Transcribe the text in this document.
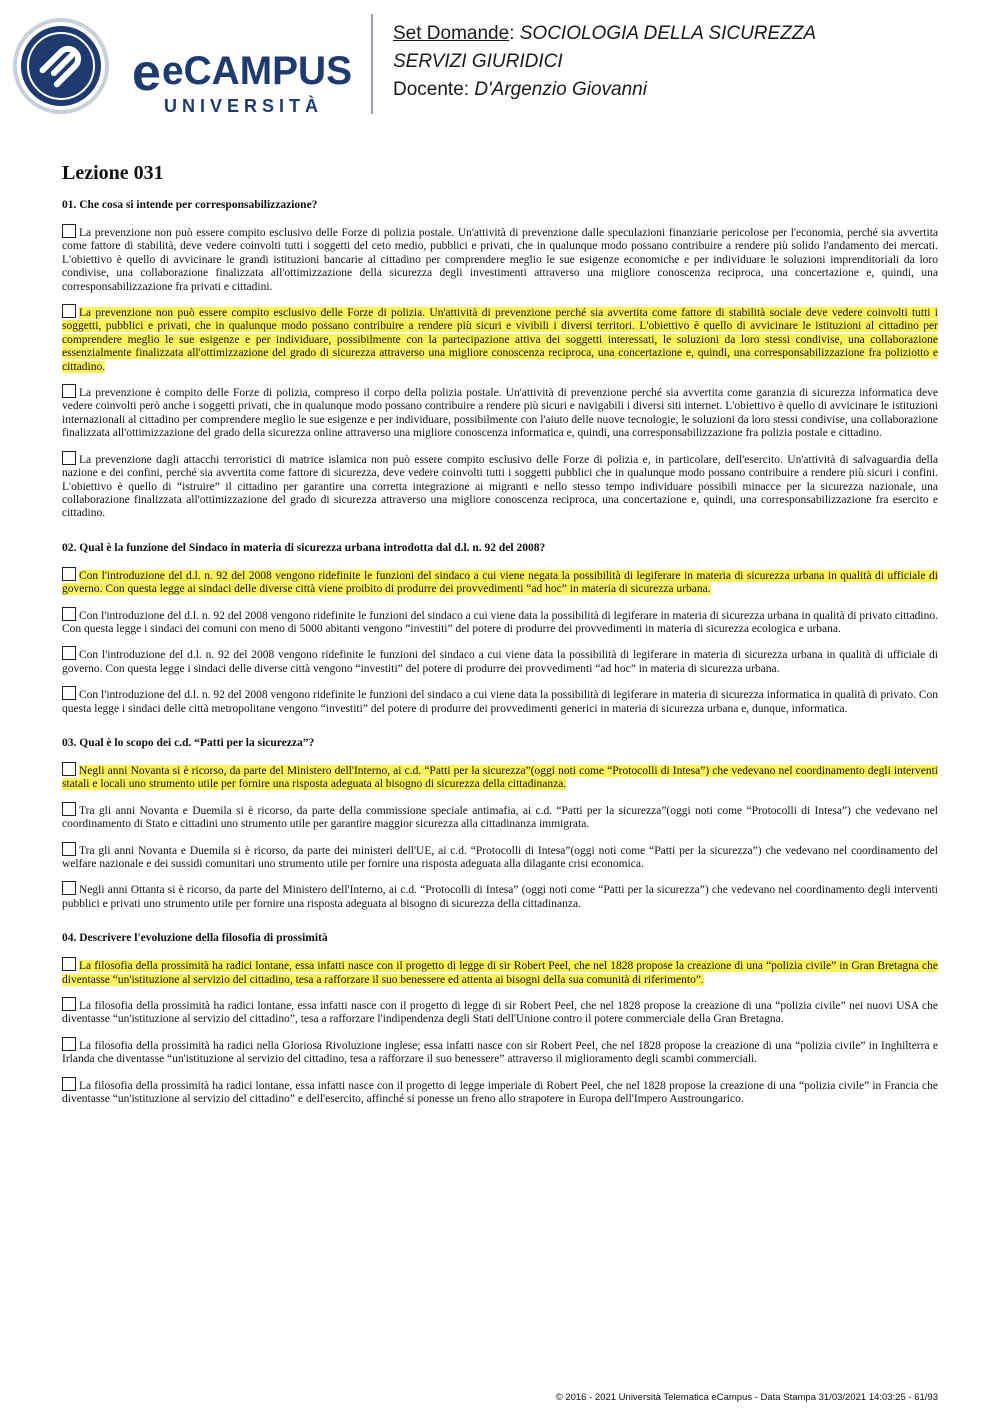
e eCAMPUS
UNIVERSITÀ
Set Domande: SOCIOLOGIA DELLA SICUREZZA
SERVIZI GIURIDICI
Docente: D'Argenzio Giovanni
Lezione 031
01. Che cosa si intende per corresponsabilizzazione?
La prevenzione non può essere compito esclusivo delle Forze di polizia postale. Un'attività di prevenzione dalle speculazioni finanziarie pericolose per l'economia, perché sia avvertita come fattore di stabilità, deve vedere coinvolti tutti i soggetti del ceto medio, pubblici e privati, che in qualunque modo possano contribuire a rendere più solido l'andamento dei mercati. L'obiettivo è quello di avvicinare le grandi istituzioni bancarie al cittadino per comprendere meglio le sue esigenze economiche e per individuare le soluzioni imprenditoriali da loro condivise, una collaborazione finalizzata all'ottimizzazione della sicurezza degli investimenti attraverso una migliore conoscenza reciproca, una concertazione e, quindi, una corresponsabilizzazione fra privati e cittadini.
La prevenzione non può essere compito esclusivo delle Forze di polizia. Un'attività di prevenzione perché sia avvertita come fattore di stabilità sociale deve vedere coinvolti tutti i soggetti, pubblici e privati, che in qualunque modo possano contribuire a rendere più sicuri e vivibili i diversi territori. L'obiettivo è quello di avvicinare le istituzioni al cittadino per comprendere meglio le sue esigenze e per individuare, possibilmente con la partecipazione attiva dei soggetti interessati, le soluzioni da loro stessi condivise, una collaborazione essenzialmente finalizzata all'ottimizzazione del grado di sicurezza attraverso una migliore conoscenza reciproca, una concertazione e, quindi, una corresponsabilizzazione fra poliziotto e cittadino.
La prevenzione è compito delle Forze di polizia, compreso il corpo della polizia postale. Un'attività di prevenzione perché sia avvertita come garanzia di sicurezza informatica deve vedere coinvolti però anche i soggetti privati, che in qualunque modo possano contribuire a rendere più sicuri e navigabili i diversi siti internet. L'obiettivo è quello di avvicinare le istituzioni internazionali al cittadino per comprendere meglio le sue esigenze e per individuare, possibilmente con l'aiuto delle nuove tecnologie, le soluzioni da loro stessi condivise, una collaborazione finalizzata all'ottimizzazione del grado della sicurezza online attraverso una migliore conoscenza informatica e, quindi, una corresponsabilizzazione fra polizia postale e cittadino.
La prevenzione dagli attacchi terroristici di matrice islamica non può essere compito esclusivo delle Forze di polizia e, in particolare, dell'esercito. Un'attività di salvaguardia della nazione e dei confini, perché sia avvertita come fattore di sicurezza, deve vedere coinvolti tutti i soggetti pubblici che in qualunque modo possano contribuire a rendere più sicuri i confini. L'obiettivo è quello di “istruire” il cittadino per garantire una corretta integrazione ai migranti e nello stesso tempo individuare possibili minacce per la sicurezza nazionale, una collaborazione finalizzata all'ottimizzazione del grado di sicurezza attraverso una migliore conoscenza reciproca, una concertazione e, quindi, una corresponsabilizzazione fra esercito e cittadino.
02. Qual è la funzione del Sindaco in materia di sicurezza urbana introdotta dal d.l. n. 92 del 2008?
Con l'introduzione del d.l. n. 92 del 2008 vengono ridefinite le funzioni del sindaco a cui viene negata la possibilità di legiferare in materia di sicurezza urbana in qualità di ufficiale di governo. Con questa legge ai sindaci delle diverse città viene proibito di produrre dei provvedimenti “ad hoc” in materia di sicurezza urbana.
Con l'introduzione del d.l. n. 92 del 2008 vengono ridefinite le funzioni del sindaco a cui viene data la possibilità di legiferare in materia di sicurezza urbana in qualità di privato cittadino. Con questa legge i sindaci dei comuni con meno di 5000 abitanti vengono “investiti” del potere di produrre dei provvedimenti in materia di sicurezza ecologica e urbana.
Con l'introduzione del d.l. n. 92 del 2008 vengono ridefinite le funzioni del sindaco a cui viene data la possibilità di legiferare in materia di sicurezza urbana in qualità di ufficiale di governo. Con questa legge i sindaci delle diverse città vengono “investiti” del potere di produrre dei provvedimenti “ad hoc” in materia di sicurezza urbana.
Con l'introduzione del d.l. n. 92 del 2008 vengono ridefinite le funzioni del sindaco a cui viene data la possibilità di legiferare in materia di sicurezza informatica in qualità di privato. Con questa legge i sindaci delle città metropolitane vengono “investiti” del potere di produrre dei provvedimenti generici in materia di sicurezza urbana e, dunque, informatica.
03. Qual è lo scopo dei c.d. “Patti per la sicurezza”?
Negli anni Novanta si è ricorso, da parte del Ministero dell'Interno, ai c.d. “Patti per la sicurezza”(oggi noti come “Protocolli di Intesa”) che vedevano nel coordinamento degli interventi statali e locali uno strumento utile per fornire una risposta adeguata al bisogno di sicurezza della cittadinanza.
Tra gli anni Novanta e Duemila si è ricorso, da parte della commissione speciale antimafia, ai c.d. “Patti per la sicurezza”(oggi noti come “Protocolli di Intesa”) che vedevano nel coordinamento di Stato e cittadini uno strumento utile per garantire maggior sicurezza alla cittadinanza immigrata.
Tra gli anni Novanta e Duemila si è ricorso, da parte dei ministeri dell'UE, ai c.d. “Protocolli di Intesa”(oggi noti come “Patti per la sicurezza”) che vedevano nel coordinamento del welfare nazionale e dei sussidi comunitari uno strumento utile per fornire una risposta adeguata alla dilagante crisi economica.
Negli anni Ottanta si è ricorso, da parte del Ministero dell'Interno, ai c.d. “Protocolli di Intesa” (oggi noti come “Patti per la sicurezza”) che vedevano nel coordinamento degli interventi pubblici e privati uno strumento utile per fornire una risposta adeguata al bisogno di sicurezza della cittadinanza.
04. Descrivere l'evoluzione della filosofia di prossimità
La filosofia della prossimità ha radici lontane, essa infatti nasce con il progetto di legge di sir Robert Peel, che nel 1828 propose la creazione di una “polizia civile” in Gran Bretagna che diventasse “un'istituzione al servizio del cittadino, tesa a rafforzare il suo benessere ed attenta ai bisogni della sua comunità di riferimento”.
La filosofia della prossimità ha radici lontane, essa infatti nasce con il progetto di legge di sir Robert Peel, che nel 1828 propose la creazione di una “polizia civile” nei nuovi USA che diventasse “un'istituzione al servizio del cittadino”, tesa a rafforzare l'indipendenza degli Stati dell'Unione contro il potere commerciale della Gran Bretagna.
La filosofia della prossimità ha radici nella Gloriosa Rivoluzione inglese; essa infatti nasce con sir Robert Peel, che nel 1828 propose la creazione di una “polizia civile” in Inghilterra e Irlanda che diventasse “un'istituzione al servizio del cittadino, tesa a rafforzare il suo benessere” attraverso il miglioramento degli scambi commerciali.
La filosofia della prossimità ha radici lontane, essa infatti nasce con il progetto di legge imperiale di Robert Peel, che nel 1828 propose la creazione di una “polizia civile” in Francia che diventasse “un'istituzione al servizio del cittadino” e dell'esercito, affinché si ponesse un freno allo strapotere in Europa dell'Impero Austroungarico.
© 2016 - 2021 Università Telematica eCampus - Data Stampa 31/03/2021 14:03:25 - 61/93
